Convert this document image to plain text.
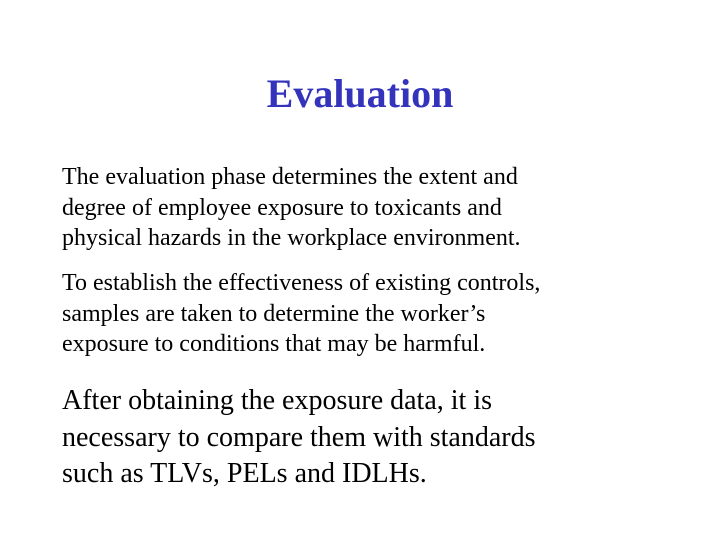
Evaluation

The evaluation phase determines the extent and
degree of employee exposure to toxicants and
physical hazards in the workplace environment.

To establish the effectiveness of existing controls,
samples are taken to determine the worker’s
exposure to conditions that may be harmful.

After obtaining the exposure data, it is
necessary to compare them with standards
such as TLVs, PELs and IDLHs.
